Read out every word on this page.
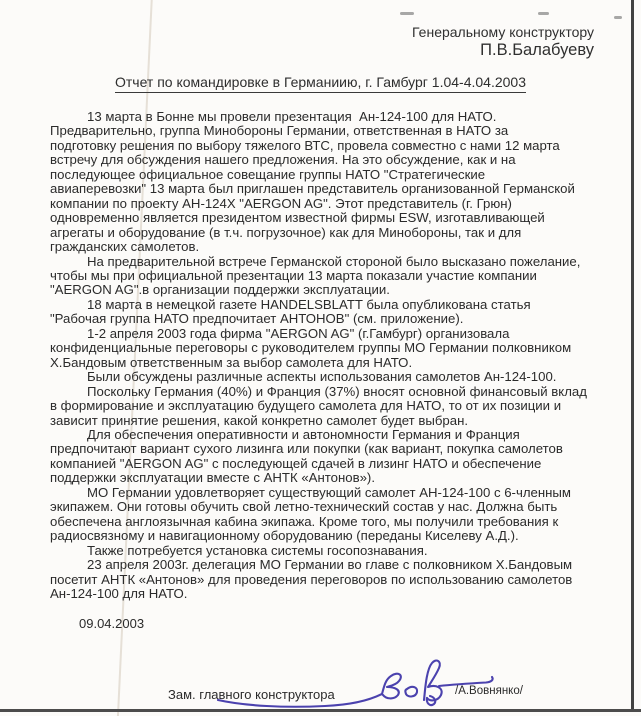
Генеральному конструктору
П.В.Балабуеву
Отчет по командировке в Германиию, г. Гамбург 1.04-4.04.2003
13 марта в Бонне мы провели презентация  Ан-124-100 для НАТО.
Предварительно, группа Минобороны Германии, ответственная в НАТО за
подготовку решения по выбору тяжелого ВТС, провела совместно с нами 12 марта
встречу для обсуждения нашего предложения. На это обсуждение, как и на
последующее официальное совещание группы НАТО "Стратегические
авиаперевозки" 13 марта был приглашен представитель организованной Германской
компании по проекту АН-124Х "AERGON AG". Этот представитель (г. Грюн)
одновременно является президентом известной фирмы ESW, изготавливающей
агрегаты и оборудование (в т.ч. погрузочное) как для Минобороны, так и для
гражданских самолетов.
На предварительной встрече Германской стороной было высказано пожелание,
чтобы мы при официальной презентации 13 марта показали участие компании
"AERGON AG".в организации поддержки эксплуатации.
18 марта в немецкой газете HANDELSBLATT была опубликована статья
"Рабочая группа НАТО предпочитает АНТОНОВ" (см. приложение).
1-2 апреля 2003 года фирма "AERGON AG" (г.Гамбург) организовала
конфиденциальные переговоры с руководителем группы МО Германии полковником
Х.Бандовым ответственным за выбор самолета для НАТО.
Были обсуждены различные аспекты использования самолетов Ан-124-100.
Поскольку Германия (40%) и Франция (37%) вносят основной финансовый вклад
в формирование и эксплуатацию будущего самолета для НАТО, то от их позиции и
зависит принятие решения, какой конкретно самолет будет выбран.
Для обеспечения оперативности и автономности Германия и Франция
предпочитают вариант сухого лизинга или покупки (как вариант, покупка самолетов
компанией "AERGON AG" с последующей сдачей в лизинг НАТО и обеспечение
поддержки эксплуатации вместе с АНТК «Антонов»).
МО Германии удовлетворяет существующий самолет АН-124-100 с 6-членным
экипажем. Они готовы обучить свой летно-технический состав у нас. Должна быть
обеспечена англоязычная кабина экипажа. Кроме того, мы получили требования к
радиосвязному и навигационному оборудованию (переданы Киселеву А.Д.).
Также потребуется установка системы госопознавания.
23 апреля 2003г. делегация МО Германии во главе с полковником Х.Бандовым
посетит АНТК «Антонов» для проведения переговоров по использованию самолетов
Ан-124-100 для НАТО.
09.04.2003
Зам. главного конструктора	/А.Вовнянко/
